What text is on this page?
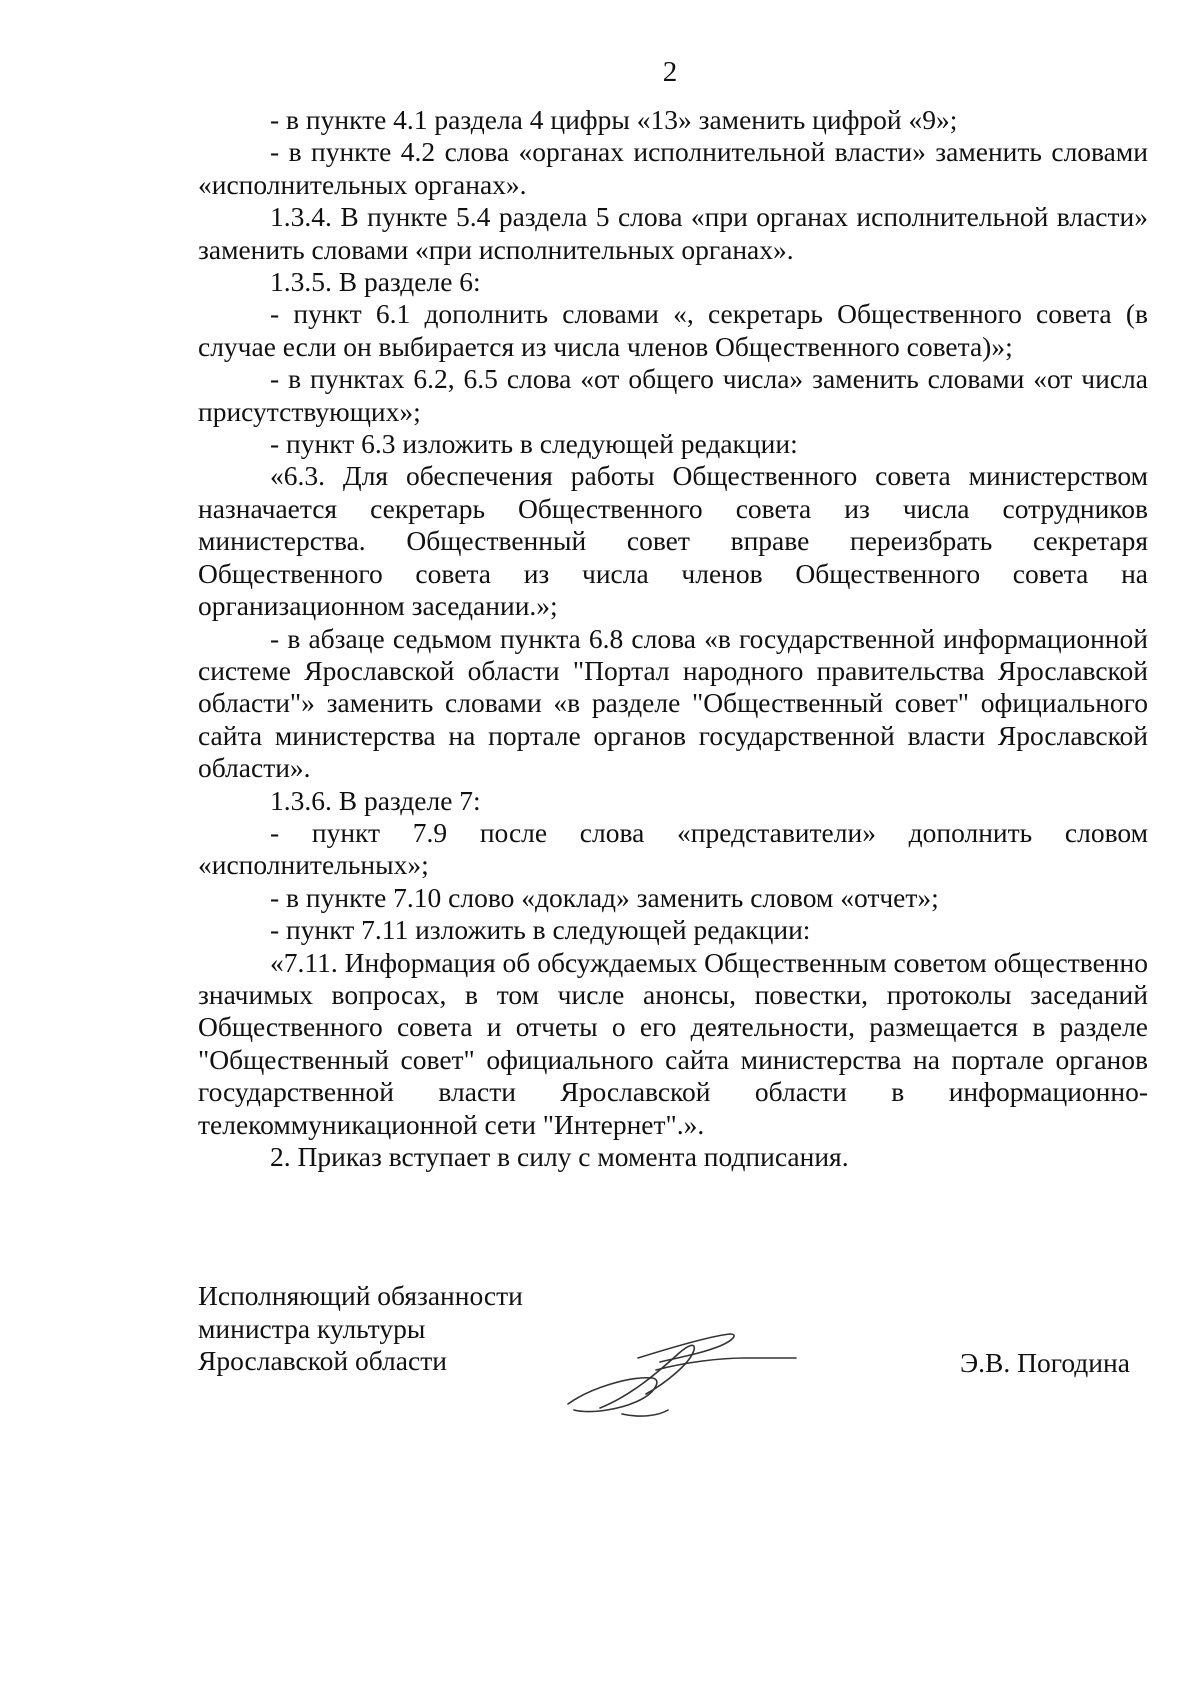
2

- в пункте 4.1 раздела 4 цифры «13» заменить цифрой «9»;

- в пункте 4.2 слова «органах исполнительной власти» заменить словами «исполнительных органах».

1.3.4. В пункте 5.4 раздела 5 слова «при органах исполнительной власти» заменить словами «при исполнительных органах».

1.3.5. В разделе 6:

- пункт 6.1 дополнить словами «, секретарь Общественного совета (в случае если он выбирается из числа членов Общественного совета)»;

- в пунктах 6.2, 6.5 слова «от общего числа» заменить словами «от числа присутствующих»;

- пункт 6.3 изложить в следующей редакции:

«6.3. Для обеспечения работы Общественного совета министерством назначается секретарь Общественного совета из числа сотрудников министерства. Общественный совет вправе переизбрать секретаря Общественного совета из числа членов Общественного совета на организационном заседании.»;

- в абзаце седьмом пункта 6.8 слова «в государственной информационной системе Ярославской области "Портал народного правительства Ярославской области"» заменить словами «в разделе "Общественный совет" официального сайта министерства на портале органов государственной власти Ярославской области».

1.3.6. В разделе 7:

- пункт 7.9 после слова «представители» дополнить словом «исполнительных»;

- в пункте 7.10 слово «доклад» заменить словом «отчет»;

- пункт 7.11 изложить в следующей редакции:

«7.11. Информация об обсуждаемых Общественным советом общественно значимых вопросах, в том числе анонсы, повестки, протоколы заседаний Общественного совета и отчеты о его деятельности, размещается в разделе "Общественный совет" официального сайта министерства на портале органов государственной власти Ярославской области в информационно-телекоммуникационной сети "Интернет".».

2. Приказ вступает в силу с момента подписания.

Исполняющий обязанности
министра культуры
Ярославской области	Э.В. Погодина
